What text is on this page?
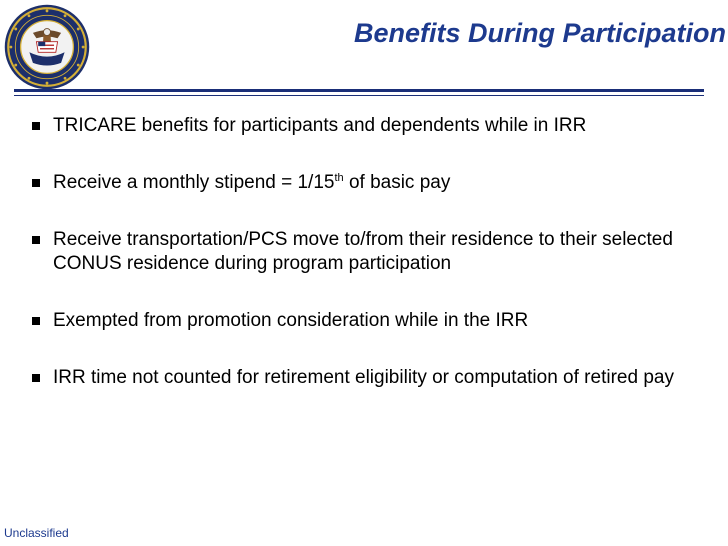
Benefits During Participation
TRICARE benefits for participants and dependents while in IRR
Receive a monthly stipend = 1/15th of basic pay
Receive transportation/PCS move to/from their residence to their selected CONUS residence during program participation
Exempted from promotion consideration while in the IRR
IRR time not counted for retirement eligibility or computation of retired pay
Unclassified
